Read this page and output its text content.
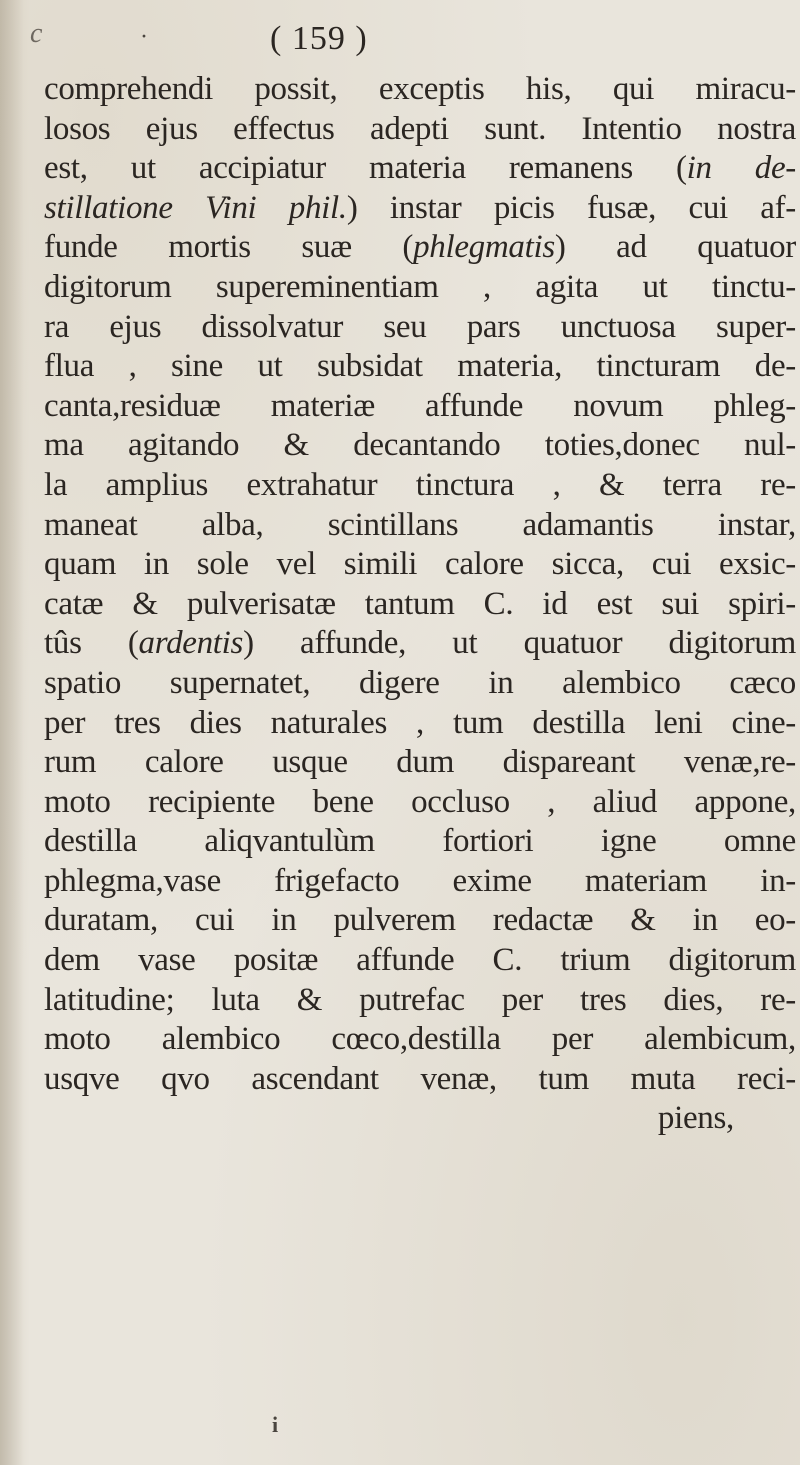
c	·	( 159 )
comprehendi possit, exceptis his, qui miracu-
losos ejus effectus adepti sunt. Intentio nostra
est, ut accipiatur materia remanens (in de-
stillatione Vini phil.) instar picis fusæ, cui af-
funde mortis suæ (phlegmatis) ad quatuor
digitorum supereminentiam , agita ut tinctu-
ra ejus dissolvatur seu pars unctuosa super-
flua , sine ut subsidat materia, tincturam de-
canta,residuæ materiæ affunde novum phleg-
ma agitando & decantando toties,donec nul-
la amplius extrahatur tinctura , & terra re-
maneat alba, scintillans adamantis instar,
quam in sole vel simili calore sicca, cui exsic-
catæ & pulverisatæ tantum C. id est sui spiri-
tûs (ardentis) affunde, ut quatuor digitorum
spatio supernatet, digere in alembico cæco
per tres dies naturales , tum destilla leni cine-
rum calore usque dum dispareant venæ,re-
moto recipiente bene occluso , aliud appone,
destilla aliqvantulùm fortiori igne omne
phlegma,vase frigefacto exime materiam in-
duratam, cui in pulverem redactæ & in eo-
dem vase positæ affunde C. trium digitorum
latitudine; luta & putrefac per tres dies, re-
moto alembico cœco,destilla per alembicum,
usqve qvo ascendant venæ, tum muta reci-
piens,
i
